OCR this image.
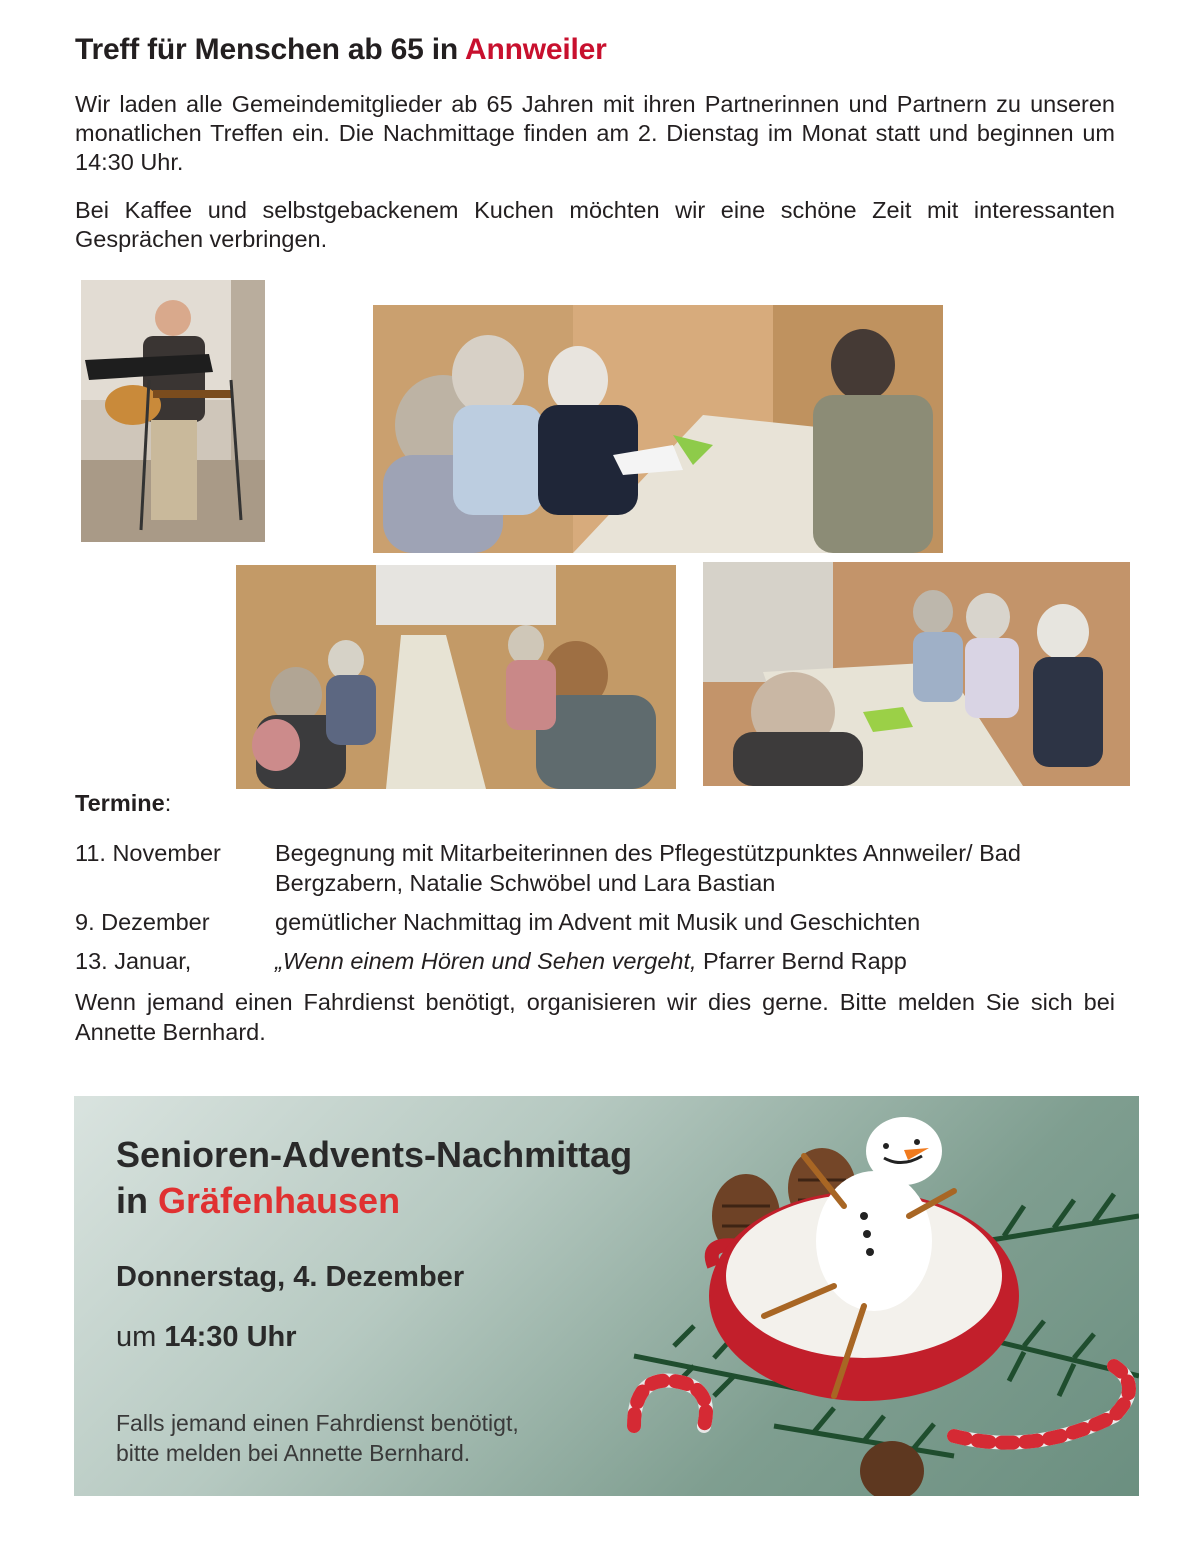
Treff für Menschen ab 65 in Annweiler

Wir laden alle Gemeindemitglieder ab 65 Jahren mit ihren Partnerinnen und Partnern zu unseren monatlichen Treffen ein. Die Nachmittage finden am 2. Dienstag im Monat statt und beginnen um 14:30 Uhr.

Bei Kaffee und selbstgebackenem Kuchen möchten wir eine schöne Zeit mit interessanten Gesprächen verbringen.

Termine:
11. November Begegnung mit Mitarbeiterinnen des Pflegestützpunktes Annweiler/ Bad Bergzabern, Natalie Schwöbel und Lara Bastian
9. Dezember	gemütlicher Nachmittag im Advent mit Musik und Geschichten
13. Januar,	„Wenn einem Hören und Sehen vergeht, Pfarrer Bernd Rapp

Wenn jemand einen Fahrdienst benötigt, organisieren wir dies gerne. Bitte melden Sie sich bei Annette Bernhard.

Senioren-Advents-Nachmittag
in Gräfenhausen
Donnerstag, 4. Dezember
um 14:30 Uhr
Falls jemand einen Fahrdienst benötigt,
bitte melden bei Annette Bernhard.
